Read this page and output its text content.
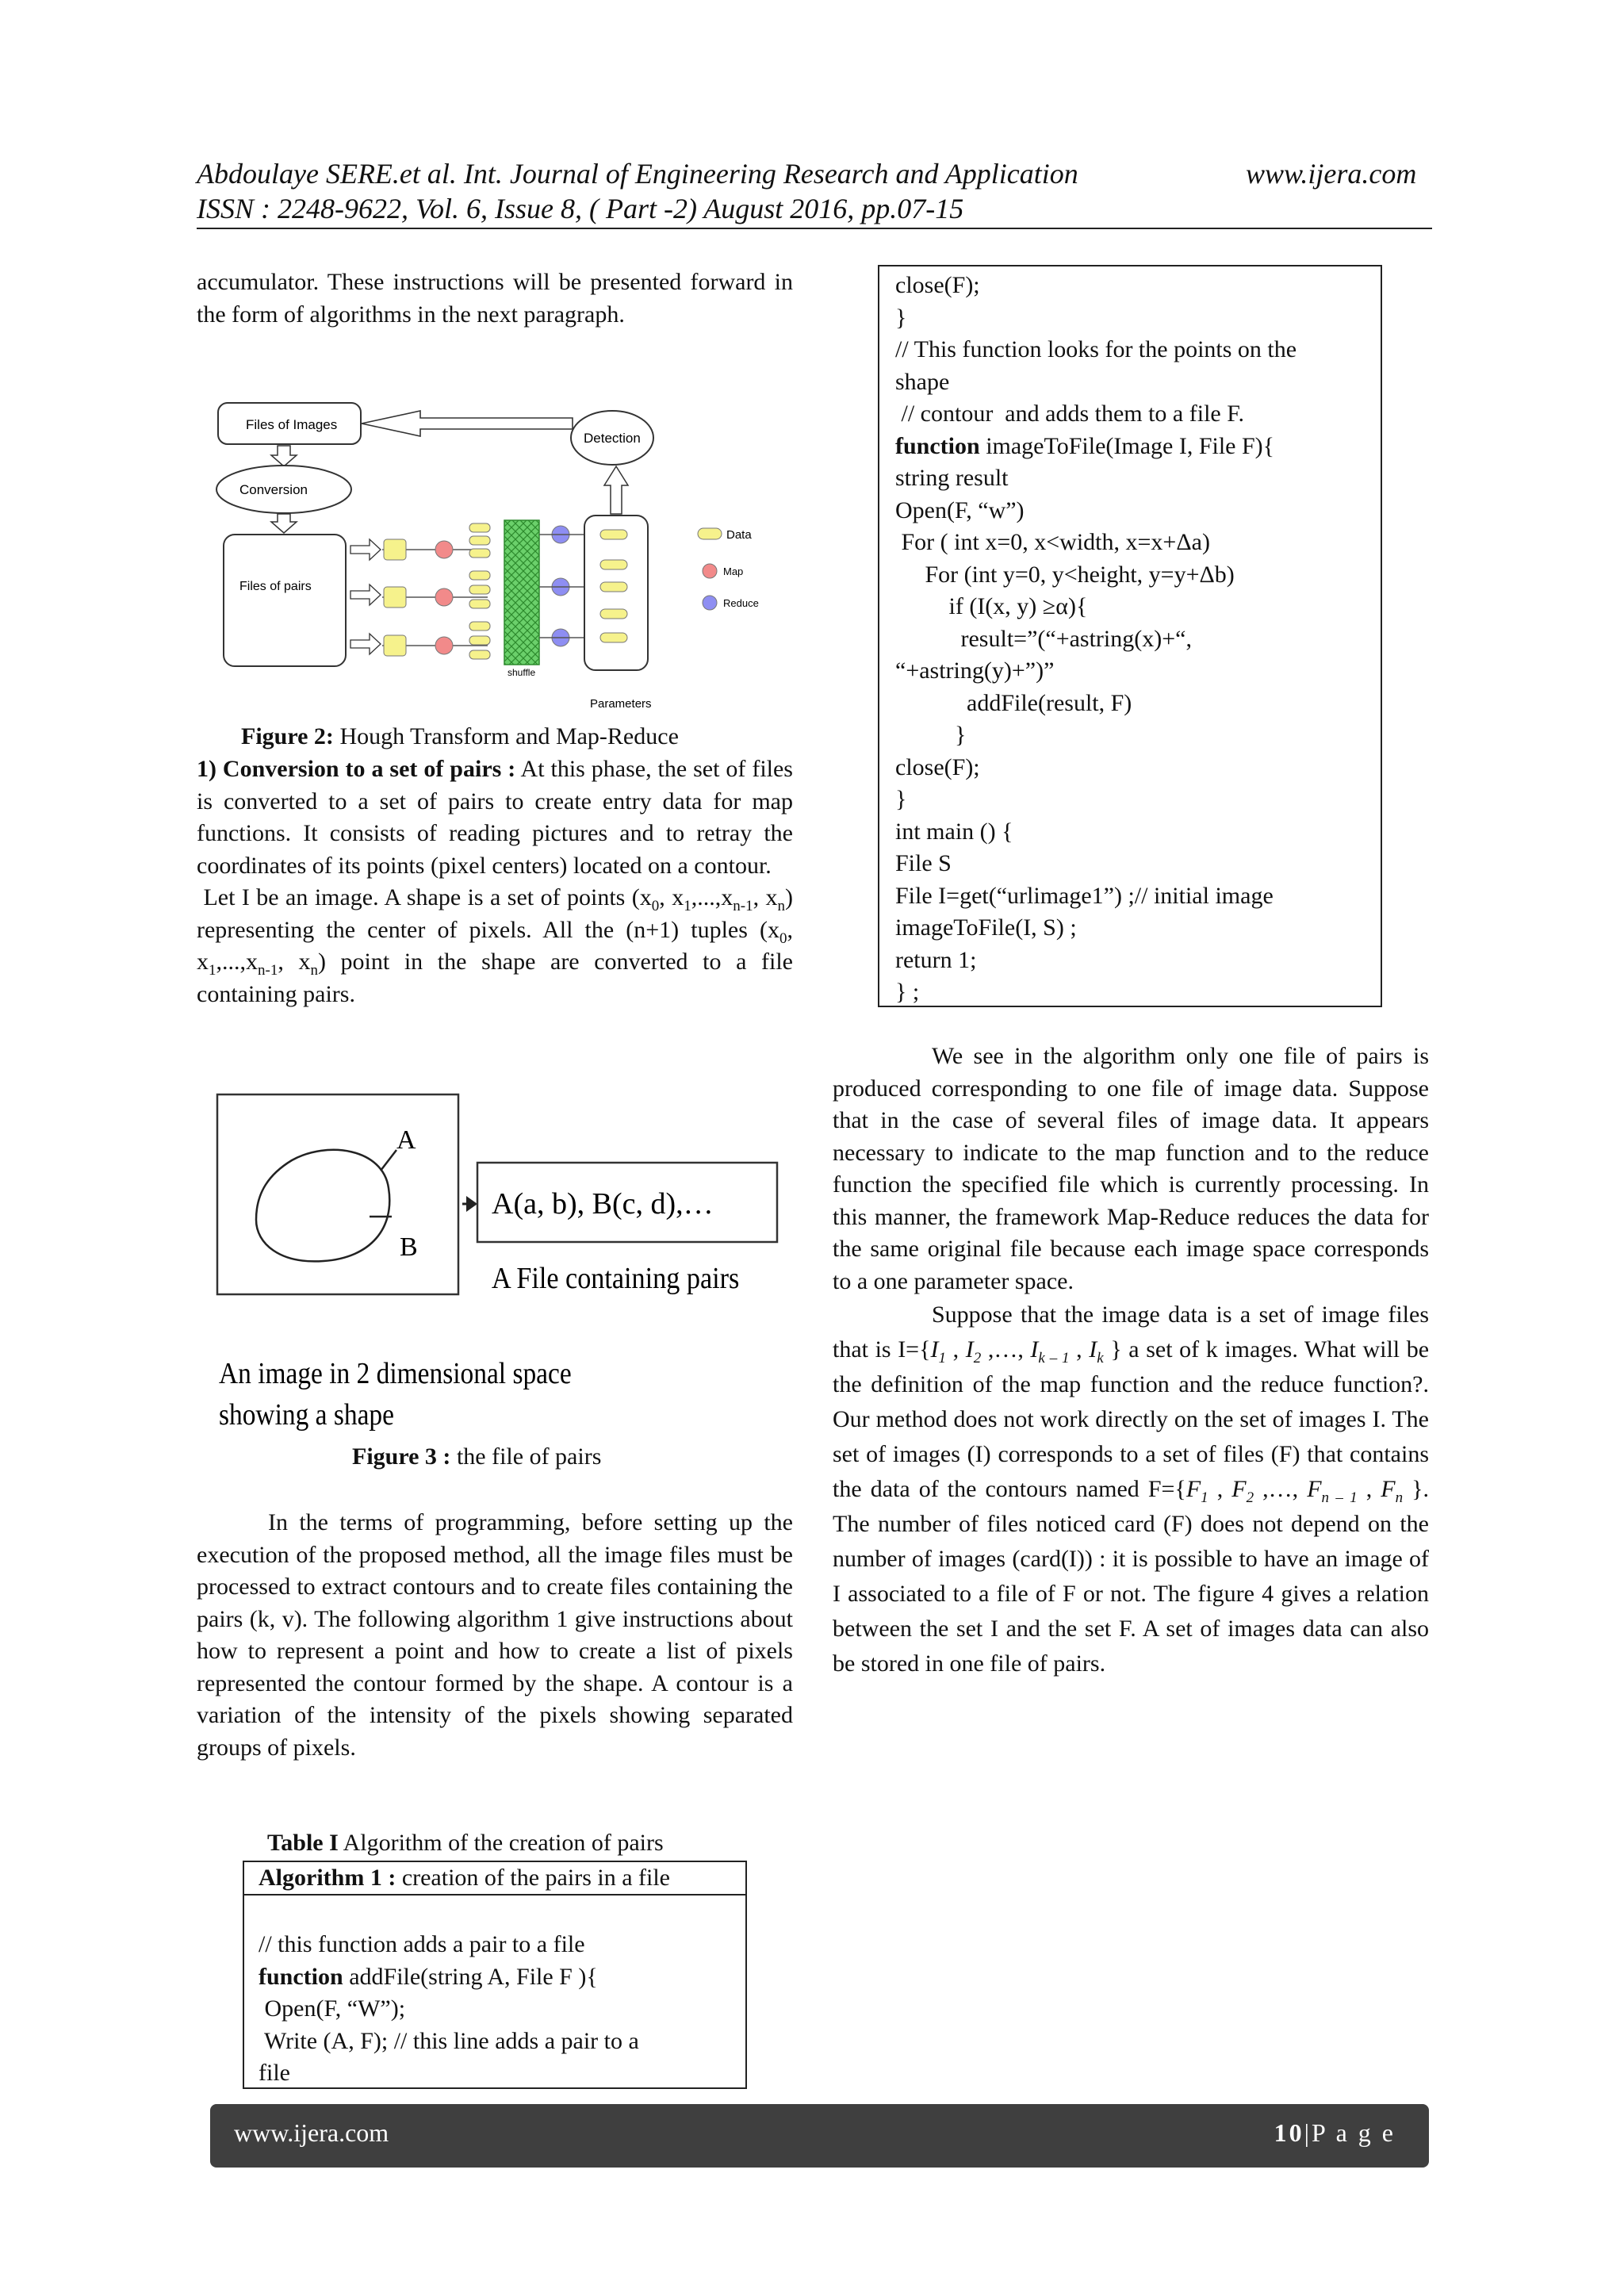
Abdoulaye SERE.et al. Int. Journal of Engineering Research and Application	www.ijera.com
ISSN : 2248-9622, Vol. 6, Issue 8, ( Part -2) August 2016, pp.07-15

accumulator. These instructions will be presented forward in the form of algorithms in the next paragraph.

Files of Images
Detection
Conversion
Files of pairs
shuffle
Parameters
Data
Map
Reduce
Figure 2: Hough Transform and Map-Reduce

1) Conversion to a set of pairs : At this phase, the set of files is converted to a set of pairs to create entry data for map functions. It consists of reading pictures and to retray the coordinates of its points (pixel centers) located on a contour.

Let I be an image. A shape is a set of points ($x_0$, $x_1,...,x_{n-1}$, $x_n$) representing the center of pixels. All the (n+1) tuples ($x_0$, $x_1,...,x_{n-1}$, $x_n$) point in the shape are converted to a file containing pairs.

A
B
A(a, b), B(c, d),…
A File containing pairs
An image in 2 dimensional space
showing a shape
Figure 3 : the file of pairs

In the terms of programming, before setting up the execution of the proposed method, all the image files must be processed to extract contours and to create files containing the pairs (k, v). The following algorithm 1 give instructions about how to represent a point and how to create a list of pixels represented the contour formed by the shape. A contour is a variation of the intensity of the pixels showing separated groups of pixels.

Table I Algorithm of the creation of pairs
Algorithm 1 : creation of the pairs in a file
// this function adds a pair to a file
function addFile(string A, File F ){
Open(F, “W”);
Write (A, F); // this line adds a pair to a
file
close(F);
}
// This function looks for the points on the
shape
// contour  and adds them to a file F.
function imageToFile(Image I, File F){
string result
Open(F, “w”)
For ( int x=0, x<width, x=x+Δa)
For (int y=0, y<height, y=y+Δb)
if (I(x, y) ≥α){
result=”(“+astring(x)+“,
“+astring(y)+”)”
addFile(result, F)
}
close(F);
}
int main () {
File S
File I=get(“urlimage1”) ;// initial image
imageToFile(I, S) ;
return 1;
} ;

We see in the algorithm only one file of pairs is produced corresponding to one file of image data. Suppose that in the case of several files of image data. It appears necessary to indicate to the map function and to the reduce function the specified file which is currently processing. In this manner, the framework Map-Reduce reduces the data for the same original file because each image space corresponds to a one parameter space.

Suppose that the image data is a set of image files that is $I=\{I_1$ , $I_2$ ,…, $I_{k - 1}$ , $I_k$ } a set of k images. What will be the definition of the map function and the reduce function?. Our method does not work directly on the set of images I. The set of images (I) corresponds to a set of files (F) that contains the data of the contours named $F=\{F_1$ , $F_2$ ,…, $F_{n - 1}$ , $F_n$ }. The number of files noticed card (F) does not depend on the number of images (card(I)) : it is possible to have an image of I associated to a file of F or not. The figure 4 gives a relation between the set I and the set F. A set of images data can also be stored in one file of pairs.

www.ijera.com	10|P a g e
